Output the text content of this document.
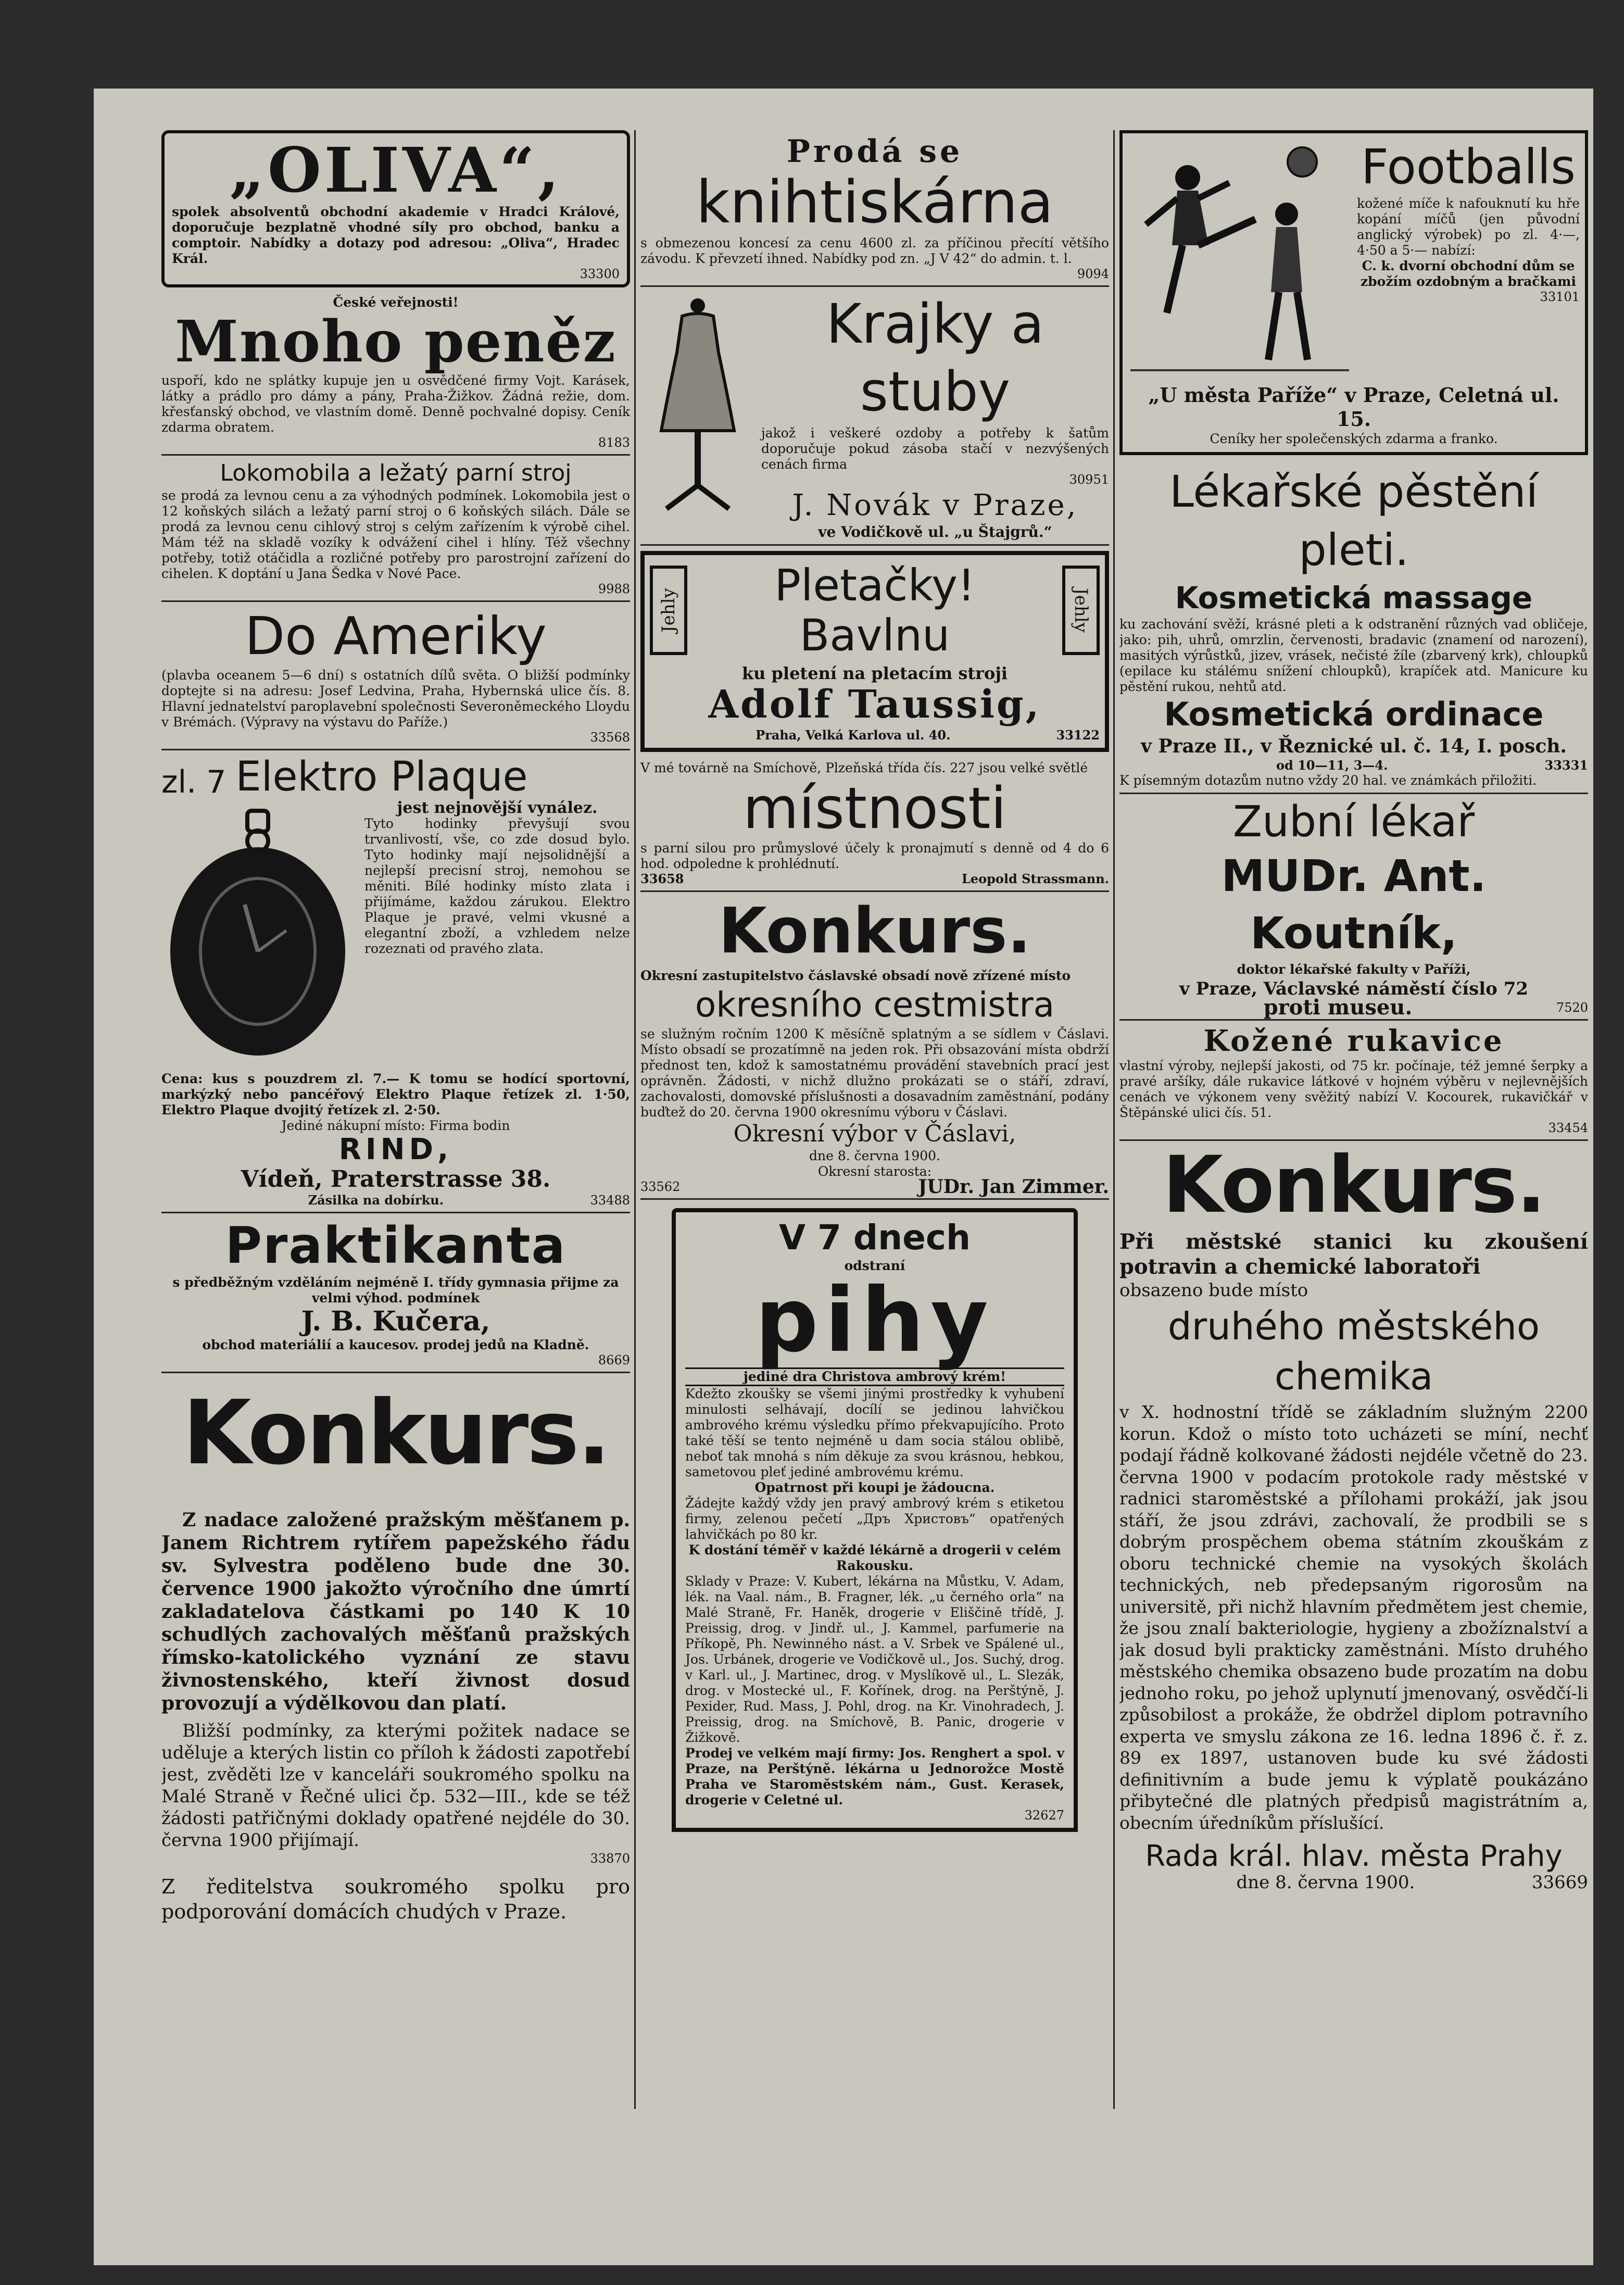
„OLIVA“,
spolek absolventů obchodní akademie v Hradci Králové, doporučuje bezplatně vhodné síly pro obchod, banku a comptoir. Nabídky a dotazy pod adresou: „Oliva“, Hradec Král.
33300
České veřejnosti!
Mnoho peněz
uspoří, kdo ne splátky kupuje jen u osvědčené firmy Vojt. Karásek, látky a prádlo pro dámy a pány, Praha-Žižkov. Žádná režie, dom. křesťanský obchod, ve vlastním domě. Denně pochvalné dopisy. Ceník zdarma obratem.
8183
Lokomobila a ležatý parní stroj
se prodá za levnou cenu a za výhodných podmínek. Lokomobila jest o 12 koňských silách a ležatý parní stroj o 6 koňských silách. Dále se prodá za levnou cenu cihlový stroj s celým zařízením k výrobě cihel. Mám též na skladě vozíky k odvážení cihel i hlíny. Též všechny potřeby, totiž otáčidla a rozličné potřeby pro parostrojní zařízení do cihelen. K doptání u Jana Šedka v Nové Pace.
9988
Do Ameriky
(plavba oceanem 5—6 dní) s ostatních dílů světa. O bližší podmínky doptejte si na adresu: Josef Ledvina, Praha, Hybernská ulice čís. 8. Hlavní jednatelství paroplavební společnosti Severoněmeckého Lloydu v Brémách. (Výpravy na výstavu do Paříže.)
33568
zl. 7 Elektro Plaque
jest nejnovější vynález.
Tyto hodinky převyšují svou trvanlivostí, vše, co zde dosud bylo. Tyto hodinky mají nejsolidnější a nejlepší precisní stroj, nemohou se měniti. Bílé hodinky místo zlata i přijímáme, každou zárukou. Elektro Plaque je pravé, velmi vkusné a elegantní zboží, a vzhledem nelze rozeznati od pravého zlata.
Cena: kus s pouzdrem zl. 7.— K tomu se hodící sportovní, markýzký nebo pancéřový Elektro Plaque řetízek zl. 1·50, Elektro Plaque dvojitý řetízek zl. 2·50.
Jediné nákupní místo: Firma bodin
RIND,
Vídeň, Praterstrasse 38.
Zásilka na dobírku.	33488
Praktikanta
s předběžným vzděláním nejméně I. třídy gymnasia přijme za velmi výhod. podmínek
J. B. Kučera,
obchod materiálií a kaucesov. prodej jedů na Kladně.
8669
Konkurs.
Z nadace založené pražským měšťanem p. Janem Richtrem rytířem papežského řádu sv. Sylvestra poděleno bude dne 30. července 1900 jakožto výročního dne úmrtí zakladatelova částkami po 140 K 10 schudlých zachovalých měšťanů pražských římsko-katolického vyznání ze stavu živnostenského, kteří živnost dosud provozují a výdělkovou dan platí.
Bližší podmínky, za kterými požitek nadace se uděluje a kterých listin co příloh k žádosti zapotřebí jest, zvěděti lze v kanceláři soukromého spolku na Malé Straně v Řečné ulici čp. 532—III., kde se též žádosti patřičnými doklady opatřené nejdéle do 30. června 1900 přijímají.
33870
Z ředitelstva soukromého spolku pro podporování domácích chudých v Praze.
Prodá se
knihtiskárna
s obmezenou koncesí za cenu 4600 zl. za příčinou přecítí většího závodu. K převzetí ihned. Nabídky pod zn. „J V 42“ do admin. t. l.
9094
Krajky a stuby
jakož i veškeré ozdoby a potřeby k šatům doporučuje pokud zásoba stačí v nezvýšených cenách firma
30951
J. Novák v Praze,
ve Vodičkově ul. „u Štajgrů.“
Jehly	Pletačky!
Bavlnu	Jehly
ku pletení na pletacím stroji
Adolf Taussig,
Praha, Velká Karlova ul. 40.	33122
V mé továrně na Smíchově, Plzeňská třída čís. 227 jsou velké světlé
místnosti
s parní silou pro průmyslové účely k pronajmutí s denně od 4 do 6 hod. odpoledne k prohlédnutí.
33658	Leopold Strassmann.
Konkurs.
Okresní zastupitelstvo čáslavské obsadí nově zřízené místo
okresního cestmistra
se služným ročním 1200 K měsíčně splatným a se sídlem v Čáslavi. Místo obsadí se prozatímně na jeden rok. Při obsazování místa obdrží přednost ten, kdož k samostatnému provádění stavebních prací jest oprávněn. Žádosti, v nichž dlužno prokázati se o stáří, zdraví, zachovalosti, domovské příslušnosti a dosavadním zaměstnání, podány buďtež do 20. června 1900 okresnímu výboru v Čáslavi.
Okresní výbor v Čáslavi,
dne 8. června 1900.
Okresní starosta:
33562	JUDr. Jan Zimmer.
V 7 dnech
odstraní
pihy
jediné dra Christova ambrový krém!
Kdežto zkoušky se všemi jinými prostředky k vyhubení minulosti selhávají, docílí se jedinou lahvičkou ambrového krému výsledku přímo překvapujícího. Proto také těší se tento nejméně u dam socia stálou oblibě, neboť tak mnohá s ním děkuje za svou krásnou, hebkou, sametovou pleť jediné ambrovému krému.
Opatrnost při koupi je žádoucna.
Žádejte každý vždy jen pravý ambrový krém s etiketou firmy, zelenou pečetí „Дръ Христовъ“ opatřených lahvičkách po 80 kr.
K dostání téměř v každé lékárně a drogerii v celém Rakousku.
Sklady v Praze: V. Kubert, lékárna na Můstku, V. Adam, lék. na Vaal. nám., B. Fragner, lék. „u černého orla“ na Malé Straně, Fr. Haněk, drogerie v Eliščině třídě, J. Preissig, drog. v Jindř. ul., J. Kammel, parfumerie na Příkopě, Ph. Newinného nást. a V. Srbek ve Spálené ul., Jos. Urbánek, drogerie ve Vodičkově ul., Jos. Suchý, drog. v Karl. ul., J. Martinec, drog. v Myslíkově ul., L. Slezák, drog. v Mostecké ul., F. Kořínek, drog. na Perštýně, J. Pexider, Rud. Mass, J. Pohl, drog. na Kr. Vinohradech, J. Preissig, drog. na Smíchově, B. Panic, drogerie v Žižkově.
Prodej ve velkém mají firmy: Jos. Renghert a spol. v Praze, na Perštýně. lékárna u Jednorožce Mostě Praha ve Staroměstském nám., Gust. Kerasek, drogerie v Celetné ul.
32627
Footballs
kožené míče k nafouknutí ku hře kopání míčů (jen původní anglický výrobek) po zl. 4·—, 4·50 a 5·— nabízí:
C. k. dvorní obchodní dům se zbožím ozdobným a bračkami
33101
„U města Paříže“ v Praze, Celetná ul. 15.
Ceníky her společenských zdarma a franko.
Lékařské pěstění pleti.
Kosmetická massage
ku zachování svěží, krásné pleti a k odstranění různých vad obličeje, jako: pih, uhrů, omrzlin, červenosti, bradavic (znamení od narození), masitých výrůstků, jizev, vrásek, nečisté žíle (zbarvený krk), chloupků (epilace ku stálému snížení chloupků), krapíček atd. Manicure ku pěstění rukou, nehtů atd.
Kosmetická ordinace
v Praze II., v Řeznické ul. č. 14, I. posch.
od 10—11, 3—4.	33331
K písemným dotazům nutno vždy 20 hal. ve známkách přiložiti.
Zubní lékař
MUDr. Ant. Koutník,
doktor lékařské fakulty v Paříži,
v Praze, Václavské náměstí číslo 72
proti museu.	7520
Kožené rukavice
vlastní výroby, nejlepší jakosti, od 75 kr. počínaje, též jemné šerpky a pravé aršíky, dále rukavice látkové v hojném výběru v nejlevnějších cenách ve výkonem veny svěžitý nabízí V. Kocourek, rukavičkář v Štěpánské ulici čís. 51.
33454
Konkurs.
Při městské stanici ku zkoušení potravin a chemické laboratoři
obsazeno bude místo
druhého městského chemika
v X. hodnostní třídě se základním služným 2200 korun. Kdož o místo toto ucházeti se míní, nechť podají řádně kolkované žádosti nejdéle včetně do 23. června 1900 v podacím protokole rady městské v radnici staroměstské a přílohami prokáží, jak jsou stáří, že jsou zdrávi, zachovalí, že prodbili se s dobrým prospěchem obema státním zkouškám z oboru technické chemie na vysokých školách technických, neb předepsaným rigorosům na universitě, při nichž hlavním předmětem jest chemie, že jsou znalí bakteriologie, hygieny a zbožíznalství a jak dosud byli prakticky zaměstnáni. Místo druhého městského chemika obsazeno bude prozatím na dobu jednoho roku, po jehož uplynutí jmenovaný, osvědčí-li způsobilost a prokáže, že obdržel diplom potravního experta ve smyslu zákona ze 16. ledna 1896 č. ř. z. 89 ex 1897, ustanoven bude ku své žádosti definitivním a bude jemu k výplatě poukázáno přibytečné dle platných předpisů magistrátním a, obecním úředníkům příslušící.
Rada král. hlav. města Prahy
dne 8. června 1900.	33669
